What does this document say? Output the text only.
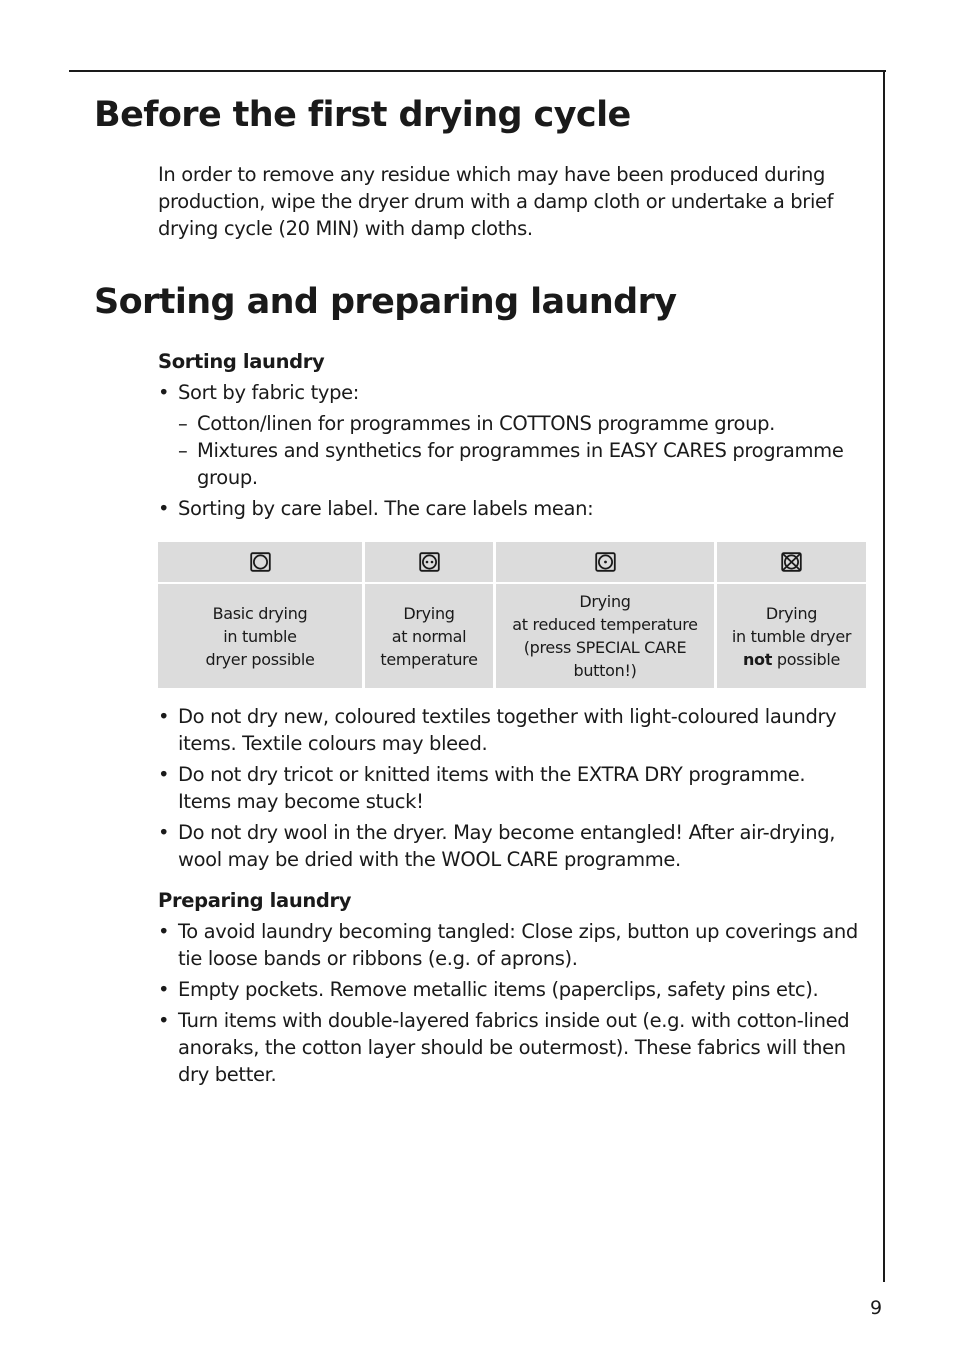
Before the first drying cycle
In order to remove any residue which may have been produced during production, wipe the dryer drum with a damp cloth or undertake a brief drying cycle (20 MIN) with damp cloths.
Sorting and preparing laundry
Sorting laundry
• Sort by fabric type:
– Cotton/linen for programmes in COTTONS programme group.
– Mixtures and synthetics for programmes in EASY CARES programme group.
• Sorting by care label. The care labels mean:

Basic drying
in tumble
dryer possible	Drying
at normal
temperature	Drying
at reduced temperature
(press SPECIAL CARE
button!)	Drying
in tumble dryer
not possible
• Do not dry new, coloured textiles together with light-coloured laundry items. Textile colours may bleed.
• Do not dry tricot or knitted items with the EXTRA DRY programme. Items may become stuck!
• Do not dry wool in the dryer. May become entangled! After air-drying, wool may be dried with the WOOL CARE programme.
Preparing laundry
• To avoid laundry becoming tangled: Close zips, button up coverings and tie loose bands or ribbons (e.g. of aprons).
• Empty pockets. Remove metallic items (paperclips, safety pins etc).
• Turn items with double-layered fabrics inside out (e.g. with cotton-lined anoraks, the cotton layer should be outermost). These fabrics will then dry better.
9
